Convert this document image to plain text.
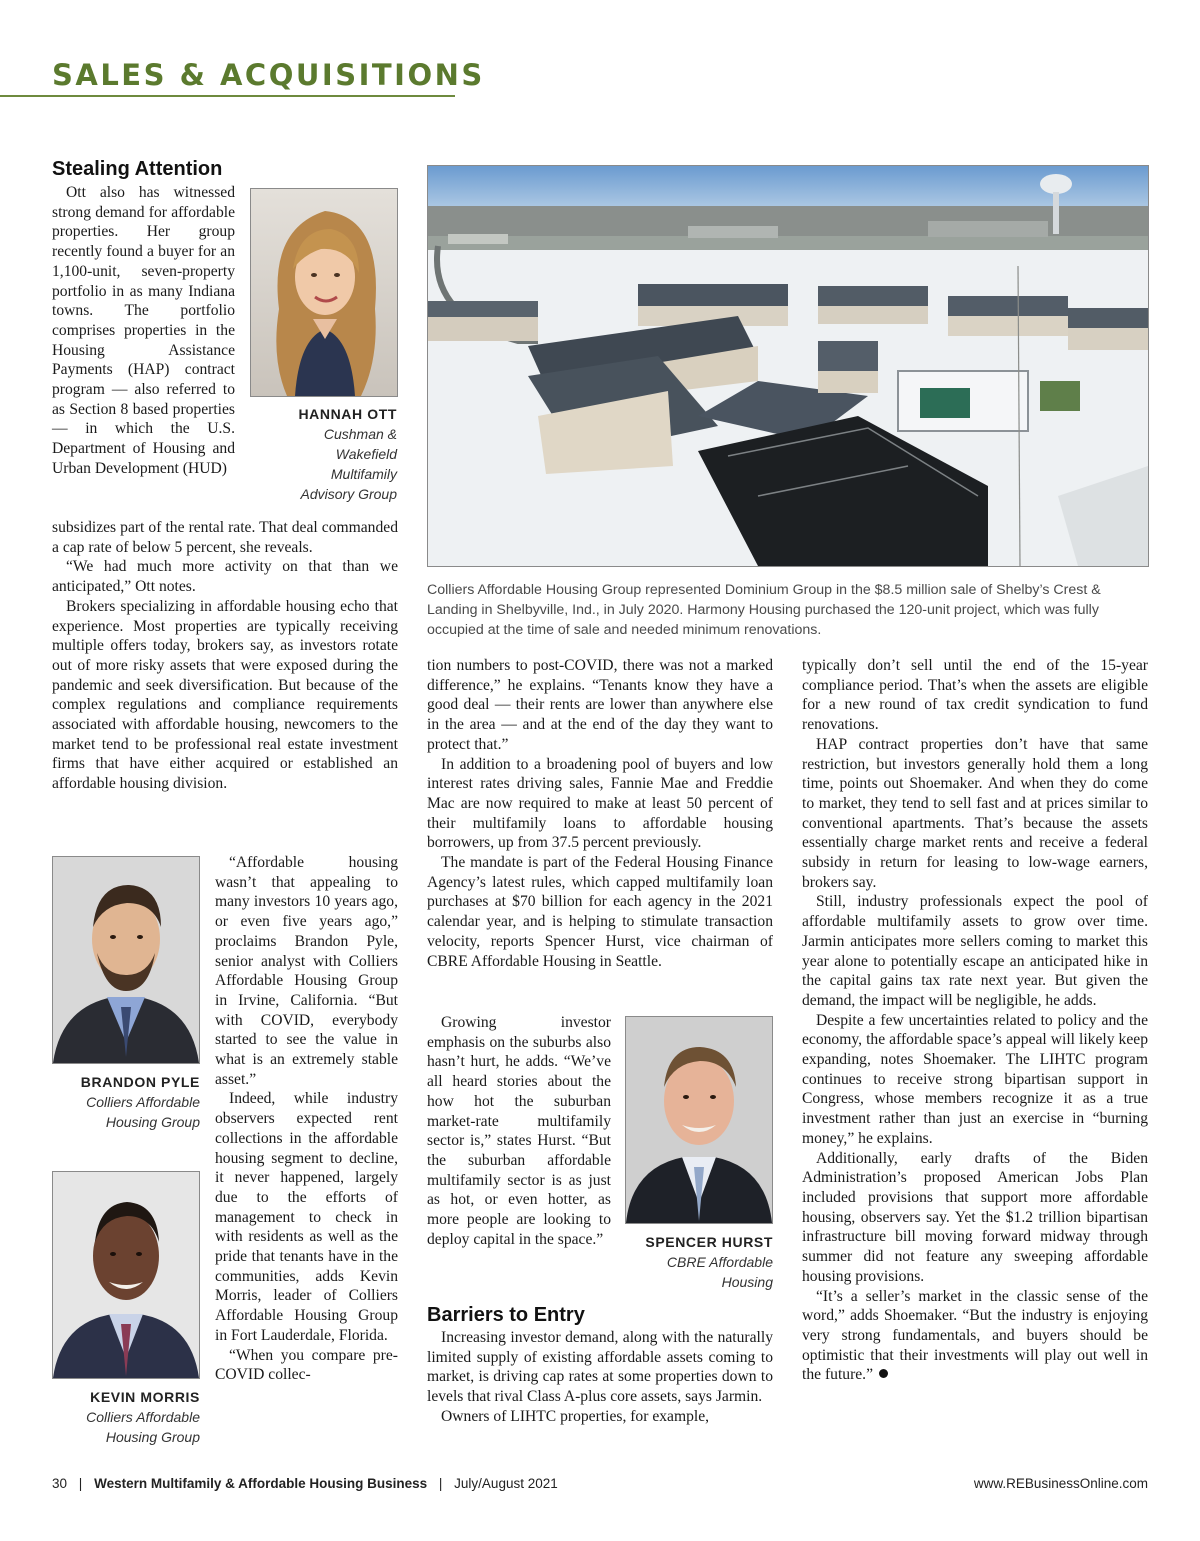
SALES & ACQUISITIONS
Stealing Attention
HANNAH OTT
Cushman &
Wakefield
Multifamily
Advisory Group

Ott also has witnessed strong demand for affordable properties. Her group recently found a buyer for an 1,100-unit, seven-property portfolio in as many Indiana towns. The portfolio comprises properties in the Housing Assistance Payments (HAP) contract program — also referred to as Section 8 based properties — in which the U.S. Department of Housing and Urban Development (HUD)

subsidizes part of the rental rate. That deal commanded a cap rate of below 5 percent, she reveals.

“We had much more activity on that than we anticipated,” Ott notes.

Brokers specializing in affordable housing echo that experience. Most properties are typically receiving multiple offers today, brokers say, as investors rotate out of more risky assets that were exposed during the pandemic and seek diversification. But because of the complex regulations and compliance requirements associated with affordable housing, newcomers to the market tend to be professional real estate investment firms that have either acquired or established an affordable housing division.

BRANDON PYLE
Colliers Affordable
Housing Group
KEVIN MORRIS
Colliers Affordable
Housing Group

“Affordable housing wasn’t that appealing to many investors 10 years ago, or even five years ago,” proclaims Brandon Pyle, senior analyst with Colliers Affordable Housing Group in Irvine, California. “But with COVID, everybody started to see the value in what is an extremely stable asset.”

Indeed, while industry observers expected rent collections in the affordable housing segment to decline, it never happened, largely due to the efforts of management to check in with residents as well as the pride that tenants have in the communities, adds Kevin Morris, leader of Colliers Affordable Housing Group in Fort Lauderdale, Florida.

“When you compare pre-COVID collec-

Colliers Affordable Housing Group represented Dominium Group in the $8.5 million sale of Shelby’s Crest & Landing in Shelbyville, Ind., in July 2020. Harmony Housing purchased the 120-unit project, which was fully occupied at the time of sale and needed minimum renovations.

tion numbers to post-COVID, there was not a marked difference,” he explains. “Tenants know they have a good deal — their rents are lower than anywhere else in the area — and at the end of the day they want to protect that.”

In addition to a broadening pool of buyers and low interest rates driving sales, Fannie Mae and Freddie Mac are now required to make at least 50 percent of their multifamily loans to affordable housing borrowers, up from 37.5 percent previously.

The mandate is part of the Federal Housing Finance Agency’s latest rules, which capped multifamily loan purchases at $70 billion for each agency in the 2021 calendar year, and is helping to stimulate transaction velocity, reports Spencer Hurst, vice chairman of CBRE Affordable Housing in Seattle.

Growing investor emphasis on the suburbs also hasn’t hurt, he adds. “We’ve all heard stories about the how hot the suburban market-rate multifamily sector is,” states Hurst. “But the suburban affordable multifamily sector is as just as hot, or even hotter, as more people are looking to deploy capital in the space.”	SPENCER HURST
CBRE Affordable
Housing
Barriers to Entry

Increasing investor demand, along with the naturally limited supply of existing affordable assets coming to market, is driving cap rates at some properties down to levels that rival Class A-plus core assets, says Jarmin.

Owners of LIHTC properties, for example,

typically don’t sell until the end of the 15-year compliance period. That’s when the assets are eligible for a new round of tax credit syndication to fund renovations.

HAP contract properties don’t have that same restriction, but investors generally hold them a long time, points out Shoemaker. And when they do come to market, they tend to sell fast and at prices similar to conventional apartments. That’s because the assets essentially charge market rents and receive a federal subsidy in return for leasing to low-wage earners, brokers say.

Still, industry professionals expect the pool of affordable multifamily assets to grow over time. Jarmin anticipates more sellers coming to market this year alone to potentially escape an anticipated hike in the capital gains tax rate next year. But given the demand, the impact will be negligible, he adds.

Despite a few uncertainties related to policy and the economy, the affordable space’s appeal will likely keep expanding, notes Shoemaker. The LIHTC program continues to receive strong bipartisan support in Congress, whose members recognize it as a true investment rather than just an exercise in “burning money,” he explains.

Additionally, early drafts of the Biden Administration’s proposed American Jobs Plan included provisions that support more affordable housing, observers say. Yet the $1.2 trillion bipartisan infrastructure bill moving forward midway through summer did not feature any sweeping affordable housing provisions.

“It’s a seller’s market in the classic sense of the word,” adds Shoemaker. “But the industry is enjoying very strong fundamentals, and buyers should be optimistic that their investments will play out well in the future.”

30 | Western Multifamily & Affordable Housing Business | July/August 2021	www.REBusinessOnline.com
